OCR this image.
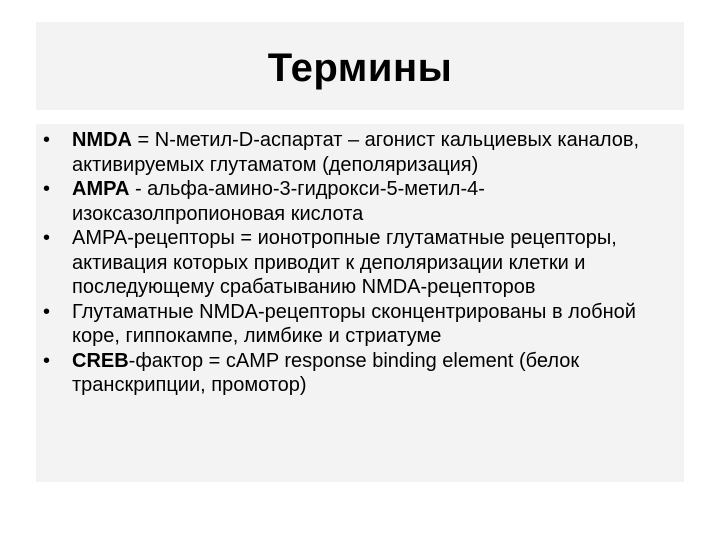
Термины
• NMDA = N-метил-D-аспартат – агонист кальциевых каналов, активируемых глутаматом (деполяризация)
• AMPA - альфа-амино-3-гидрокси-5-метил-4-изоксазолпропионовая кислота
• AMPA-рецепторы = ионотропные глутаматные рецепторы, активация которых приводит к деполяризации клетки и последующему срабатыванию NMDA-рецепторов
• Глутаматные NMDA-рецепторы сконцентрированы в лобной коре, гиппокампе, лимбике и стриатуме
• CREB-фактор = cAMP response binding element (белок транскрипции, промотор)
